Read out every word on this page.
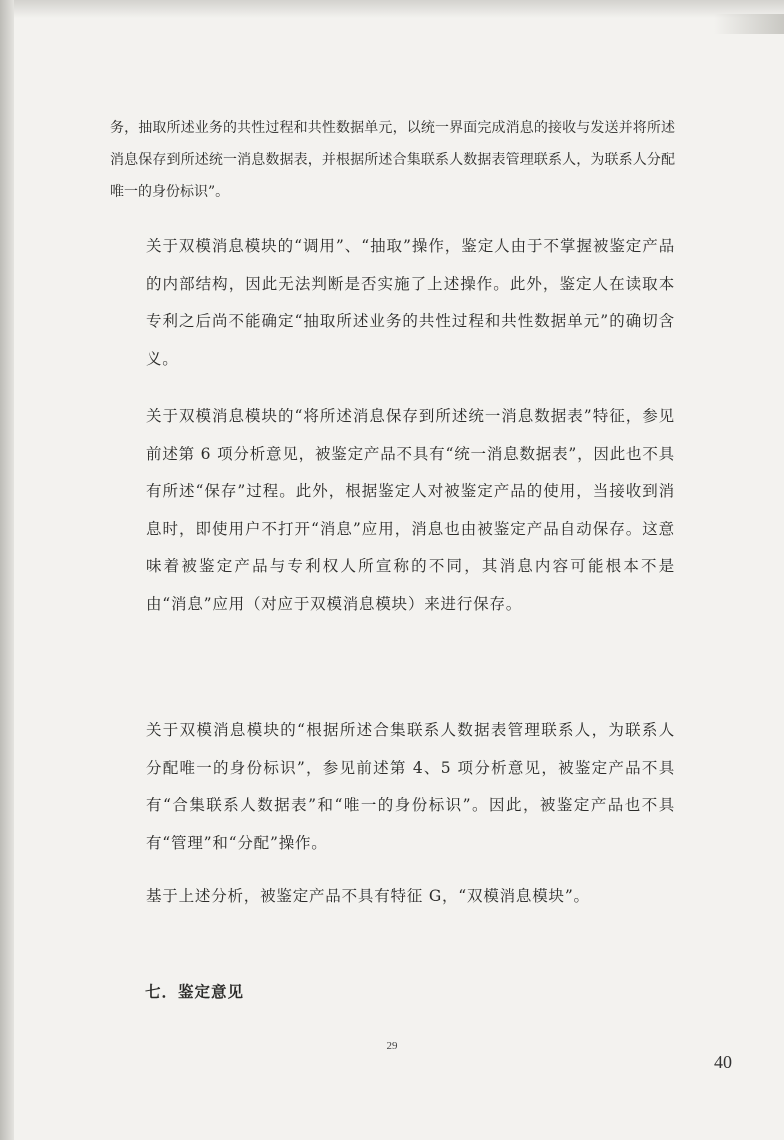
务，抽取所述业务的共性过程和共性数据单元，以统一界面完成消息的接收与发送并将所述消息保存到所述统一消息数据表，并根据所述合集联系人数据表管理联系人，为联系人分配唯一的身份标识”。
关于双模消息模块的“调用”、“抽取”操作，鉴定人由于不掌握被鉴定产品的内部结构，因此无法判断是否实施了上述操作。此外，鉴定人在读取本专利之后尚不能确定“抽取所述业务的共性过程和共性数据单元”的确切含义。
关于双模消息模块的“将所述消息保存到所述统一消息数据表”特征，参见前述第 6 项分析意见，被鉴定产品不具有“统一消息数据表”，因此也不具有所述“保存”过程。此外，根据鉴定人对被鉴定产品的使用，当接收到消息时，即使用户不打开“消息”应用，消息也由被鉴定产品自动保存。这意味着被鉴定产品与专利权人所宣称的不同，其消息内容可能根本不是由“消息”应用（对应于双模消息模块）来进行保存。
关于双模消息模块的“根据所述合集联系人数据表管理联系人，为联系人分配唯一的身份标识”，参见前述第 4、5 项分析意见，被鉴定产品不具有“合集联系人数据表”和“唯一的身份标识”。因此，被鉴定产品也不具有“管理”和“分配”操作。
基于上述分析，被鉴定产品不具有特征 G，“双模消息模块”。
七．鉴定意见
29
40
